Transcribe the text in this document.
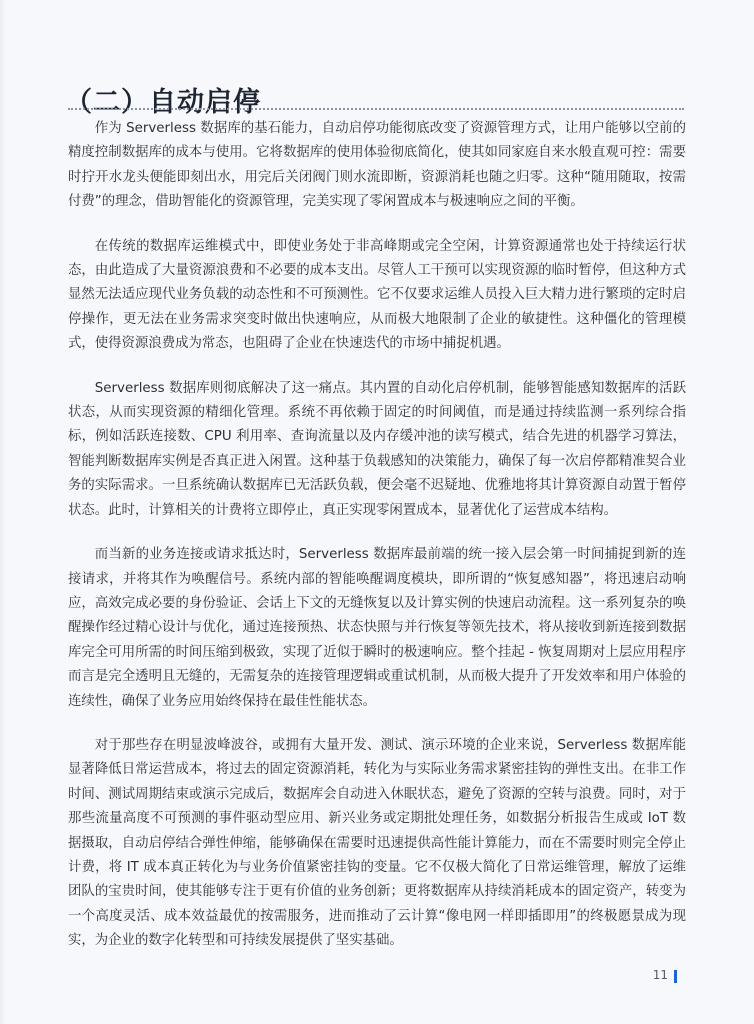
（二）自动启停

作为 Serverless 数据库的基石能力，自动启停功能彻底改变了资源管理方式，让用户能够以空前的精度控制数据库的成本与使用。它将数据库的使用体验彻底简化，使其如同家庭自来水般直观可控：需要时拧开水龙头便能即刻出水，用完后关闭阀门则水流即断，资源消耗也随之归零。这种“随用随取，按需付费”的理念，借助智能化的资源管理，完美实现了零闲置成本与极速响应之间的平衡。

在传统的数据库运维模式中，即使业务处于非高峰期或完全空闲，计算资源通常也处于持续运行状态，由此造成了大量资源浪费和不必要的成本支出。尽管人工干预可以实现资源的临时暂停，但这种方式显然无法适应现代业务负载的动态性和不可预测性。它不仅要求运维人员投入巨大精力进行繁琐的定时启停操作，更无法在业务需求突变时做出快速响应，从而极大地限制了企业的敏捷性。这种僵化的管理模式，使得资源浪费成为常态，也阻碍了企业在快速迭代的市场中捕捉机遇。

Serverless 数据库则彻底解决了这一痛点。其内置的自动化启停机制，能够智能感知数据库的活跃状态，从而实现资源的精细化管理。系统不再依赖于固定的时间阈值，而是通过持续监测一系列综合指标，例如活跃连接数、CPU 利用率、查询流量以及内存缓冲池的读写模式，结合先进的机器学习算法，智能判断数据库实例是否真正进入闲置。这种基于负载感知的决策能力，确保了每一次启停都精准契合业务的实际需求。一旦系统确认数据库已无活跃负载，便会毫不迟疑地、优雅地将其计算资源自动置于暂停状态。此时，计算相关的计费将立即停止，真正实现零闲置成本，显著优化了运营成本结构。

而当新的业务连接或请求抵达时，Serverless 数据库最前端的统一接入层会第一时间捕捉到新的连接请求，并将其作为唤醒信号。系统内部的智能唤醒调度模块，即所谓的“恢复感知器”，将迅速启动响应，高效完成必要的身份验证、会话上下文的无缝恢复以及计算实例的快速启动流程。这一系列复杂的唤醒操作经过精心设计与优化，通过连接预热、状态快照与并行恢复等领先技术，将从接收到新连接到数据库完全可用所需的时间压缩到极致，实现了近似于瞬时的极速响应。整个挂起 - 恢复周期对上层应用程序而言是完全透明且无缝的，无需复杂的连接管理逻辑或重试机制，从而极大提升了开发效率和用户体验的连续性，确保了业务应用始终保持在最佳性能状态。

对于那些存在明显波峰波谷，或拥有大量开发、测试、演示环境的企业来说，Serverless 数据库能显著降低日常运营成本，将过去的固定资源消耗，转化为与实际业务需求紧密挂钩的弹性支出。在非工作时间、测试周期结束或演示完成后，数据库会自动进入休眠状态，避免了资源的空转与浪费。同时，对于那些流量高度不可预测的事件驱动型应用、新兴业务或定期批处理任务，如数据分析报告生成或 IoT 数据摄取，自动启停结合弹性伸缩，能够确保在需要时迅速提供高性能计算能力，而在不需要时则完全停止计费，将 IT 成本真正转化为与业务价值紧密挂钩的变量。它不仅极大简化了日常运维管理，解放了运维团队的宝贵时间，使其能够专注于更有价值的业务创新；更将数据库从持续消耗成本的固定资产，转变为一个高度灵活、成本效益最优的按需服务，进而推动了云计算“像电网一样即插即用”的终极愿景成为现实，为企业的数字化转型和可持续发展提供了坚实基础。

11
